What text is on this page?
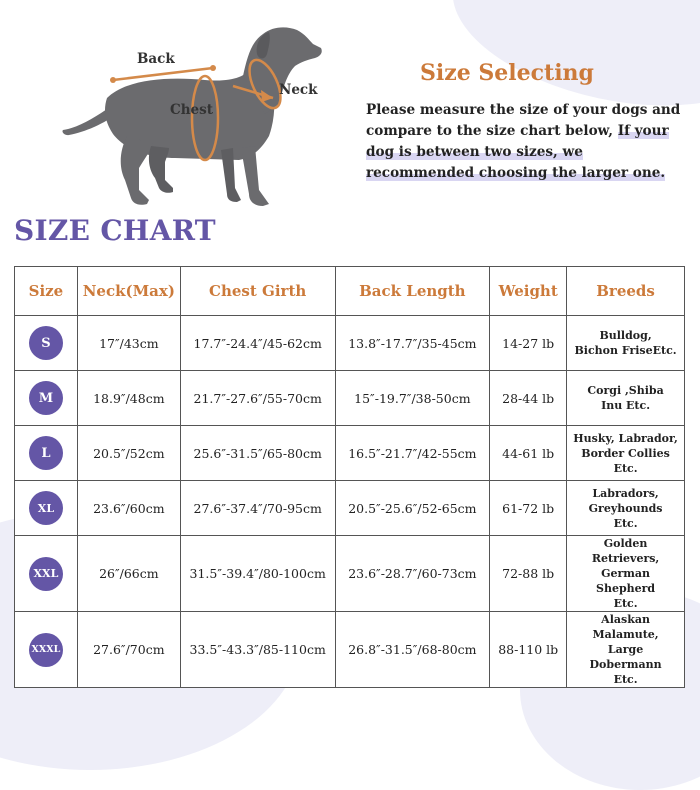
Back
Chest
Neck
Size Selecting
Please measure the size of your dogs and compare to the size chart below, If your dog is between two sizes, we recommended choosing the larger one.
SIZE CHART
Size	Neck(Max)	Chest Girth	Back Length	Weight	Breeds
S	17″/43cm	17.7″-24.4″/45-62cm	13.8″-17.7″/35-45cm	14-27 lb	Bulldog,
Bichon FriseEtc.

M	18.9″/48cm	21.7″-27.6″/55-70cm	15″-19.7″/38-50cm	28-44 lb	Corgi ,Shiba
Inu Etc.

L	20.5″/52cm	25.6″-31.5″/65-80cm	16.5″-21.7″/42-55cm	44-61 lb	Husky, Labrador,
Border Collies
Etc.

XL	23.6″/60cm	27.6″-37.4″/70-95cm	20.5″-25.6″/52-65cm	61-72 lb	Labradors,
Greyhounds
Etc.

XXL	26″/66cm	31.5″-39.4″/80-100cm	23.6″-28.7″/60-73cm	72-88 lb	Golden Retrievers,
German Shepherd
Etc.

XXXL	27.6″/70cm	33.5″-43.3″/85-110cm	26.8″-31.5″/68-80cm	88-110 lb	Alaskan Malamute,
Large Dobermann
Etc.
